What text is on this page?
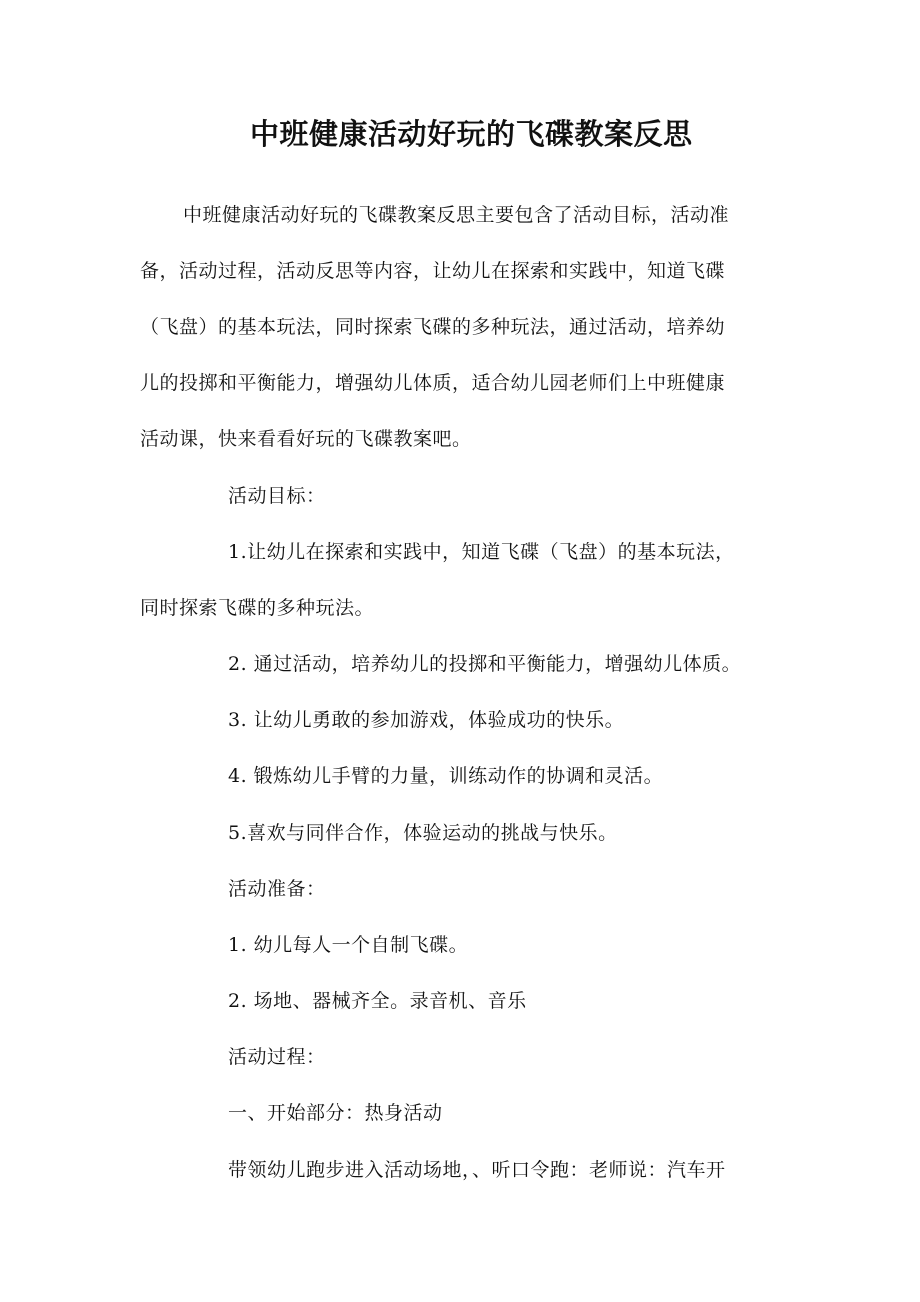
中班健康活动好玩的飞碟教案反思
中班健康活动好玩的飞碟教案反思主要包含了活动目标，活动准
备，活动过程，活动反思等内容，让幼儿在探索和实践中，知道飞碟
（飞盘）的基本玩法，同时探索飞碟的多种玩法，通过活动，培养幼
儿的投掷和平衡能力，增强幼儿体质，适合幼儿园老师们上中班健康
活动课，快来看看好玩的飞碟教案吧。
活动目标：
1.让幼儿在探索和实践中，知道飞碟（飞盘）的基本玩法，
同时探索飞碟的多种玩法。
2. 通过活动，培养幼儿的投掷和平衡能力，增强幼儿体质。
3. 让幼儿勇敢的参加游戏，体验成功的快乐。
4. 锻炼幼儿手臂的力量，训练动作的协调和灵活。
5.喜欢与同伴合作，体验运动的挑战与快乐。
活动准备：
1. 幼儿每人一个自制飞碟。
2. 场地、器械齐全。录音机、音乐
活动过程：
一、开始部分：热身活动
带领幼儿跑步进入活动场地，、听口令跑：老师说：汽车开
